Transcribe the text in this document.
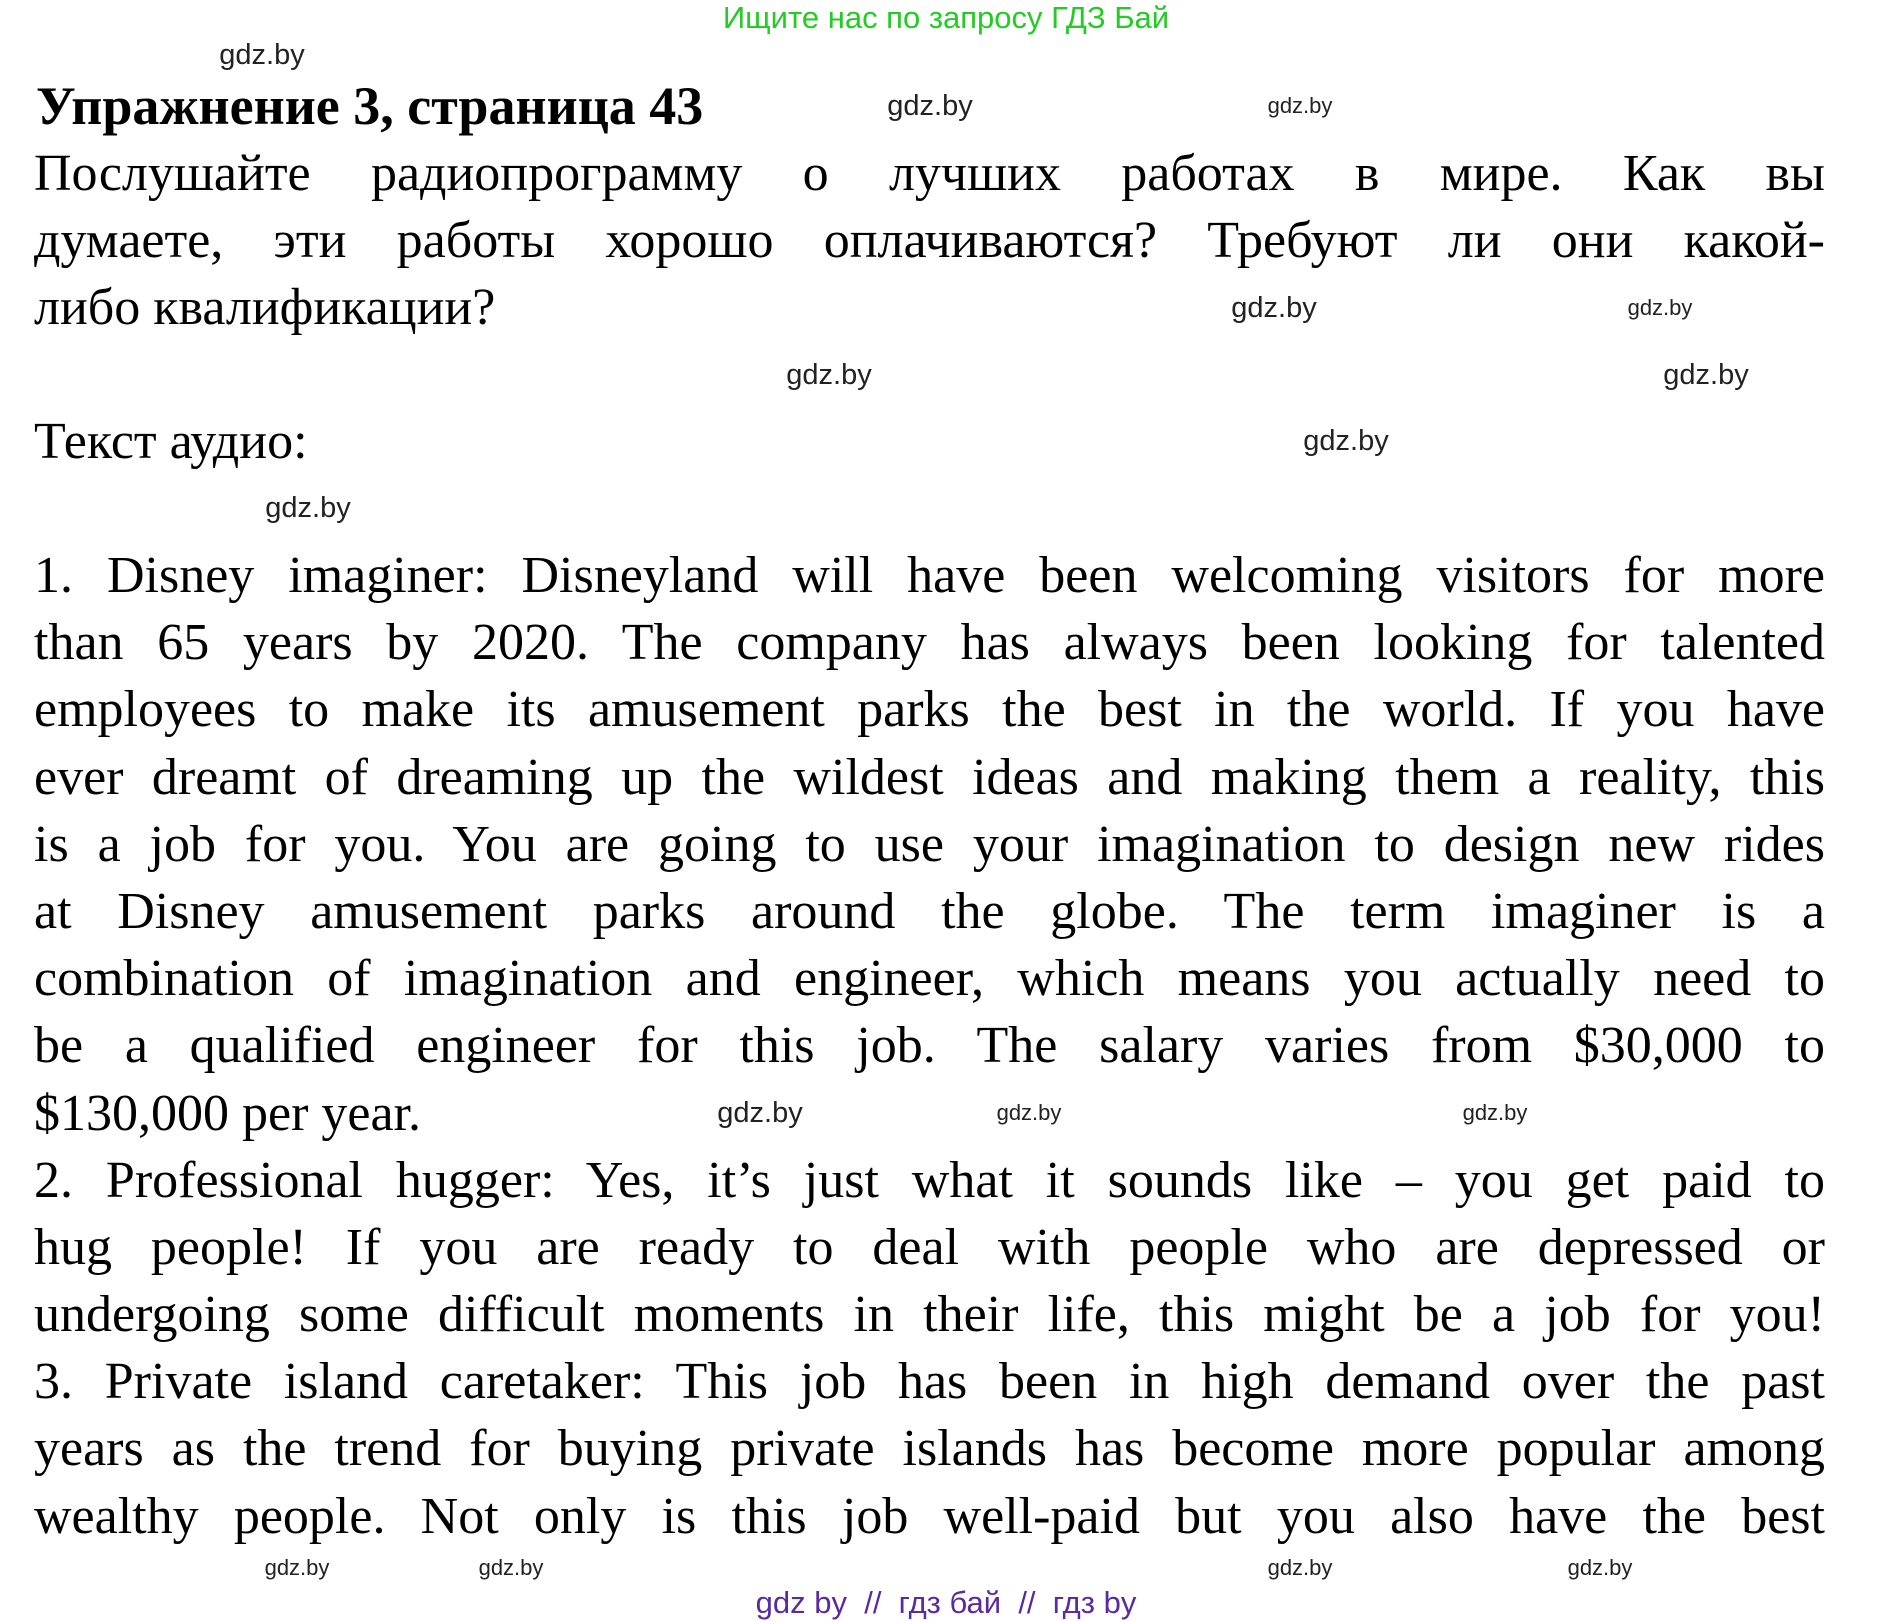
Ищите нас по запросу ГДЗ Бай
Упражнение 3, страница 43
Послушайте радиопрограмму о лучших работах в мире. Как вы
думаете, эти работы хорошо оплачиваются? Требуют ли они какой-
либо квалификации?
Текст аудио:
1. Disney imaginer: Disneyland will have been welcoming visitors for more
than 65 years by 2020. The company has always been looking for talented
employees to make its amusement parks the best in the world. If you have
ever dreamt of dreaming up the wildest ideas and making them a reality, this
is a job for you. You are going to use your imagination to design new rides
at Disney amusement parks around the globe. The term imaginer is a
combination of imagination and engineer, which means you actually need to
be a qualified engineer for this job. The salary varies from $30,000 to
$130,000 per year.
2. Professional hugger: Yes, it’s just what it sounds like – you get paid to
hug people! If you are ready to deal with people who are depressed or
undergoing some difficult moments in their life, this might be a job for you!
3. Private island caretaker: This job has been in high demand over the past
years as the trend for buying private islands has become more popular among
wealthy people. Not only is this job well-paid but you also have the best
gdz.by
gdz.by	gdz.by
gdz.by
gdz.by
gdz.by	gdz.by
gdz.by
gdz.by
gdz.by	gdz.by
gdz.by
gdz.by	gdz.by	gdz.by
gdz.by
gdz by  //  гдз бай  //  гдз by
